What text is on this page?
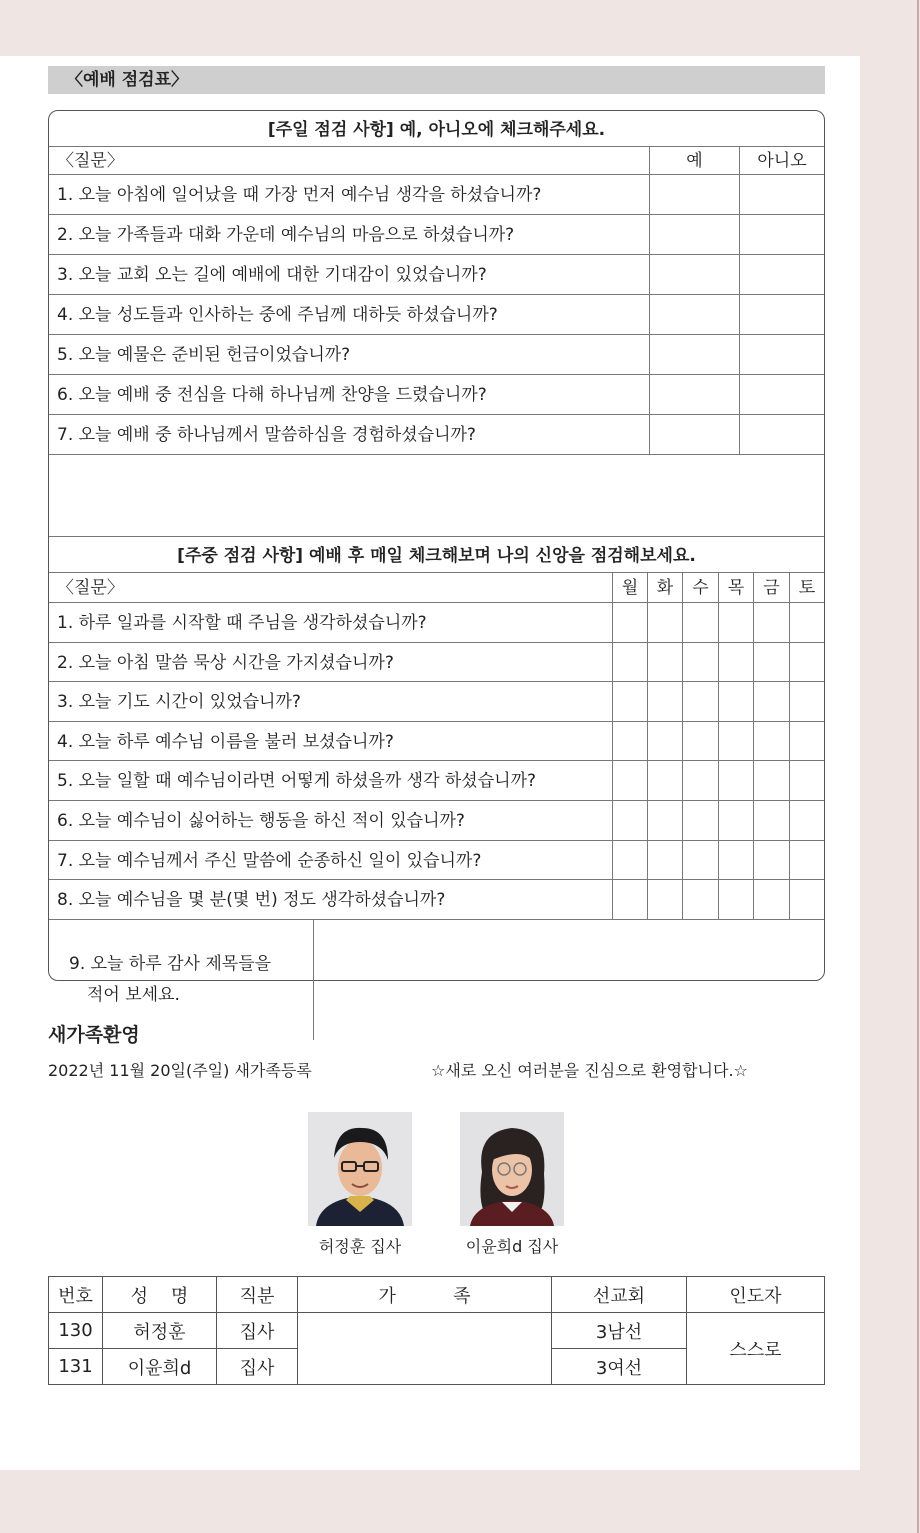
〈예배 점검표〉
[주일 점검 사항] 예, 아니오에 체크해주세요.
〈질문〉	예	아니오
1. 오늘 아침에 일어났을 때 가장 먼저 예수님 생각을 하셨습니까?
2. 오늘 가족들과 대화 가운데 예수님의 마음으로 하셨습니까?
3. 오늘 교회 오는 길에 예배에 대한 기대감이 있었습니까?
4. 오늘 성도들과 인사하는 중에 주님께 대하듯 하셨습니까?
5. 오늘 예물은 준비된 헌금이었습니까?
6. 오늘 예배 중 전심을 다해 하나님께 찬양을 드렸습니까?
7. 오늘 예배 중 하나님께서 말씀하심을 경험하셨습니까?
[주중 점검 사항] 예배 후 매일 체크해보며 나의 신앙을 점검해보세요.
〈질문〉	월	화	수	목	금	토
1. 하루 일과를 시작할 때 주님을 생각하셨습니까?
2. 오늘 아침 말씀 묵상 시간을 가지셨습니까?
3. 오늘 기도 시간이 있었습니까?
4. 오늘 하루 예수님 이름을 불러 보셨습니까?
5. 오늘 일할 때 예수님이라면 어떻게 하셨을까 생각 하셨습니까?
6. 오늘 예수님이 싫어하는 행동을 하신 적이 있습니까?
7. 오늘 예수님께서 주신 말씀에 순종하신 일이 있습니까?
8. 오늘 예수님을 몇 분(몇 번) 정도 생각하셨습니까?
9. 오늘 하루 감사 제목들을
적어 보세요.
새가족환영
2022년 11월 20일(주일) 새가족등록	☆새로 오신 여러분을 진심으로 환영합니다.☆
허정훈 집사	이윤희d 집사
번호	성    명	직분	가          족	선교회	인도자
130	허정훈	집사		3남선	스스로
131	이윤희d	집사		3여선	
